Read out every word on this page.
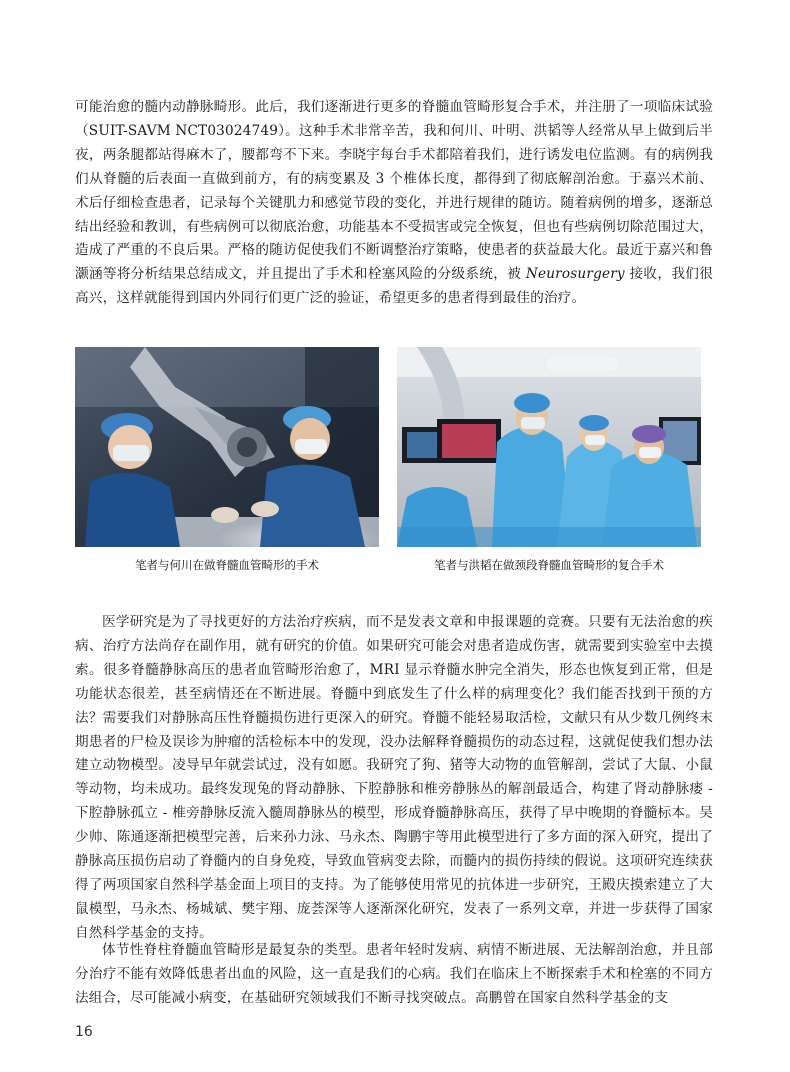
可能治愈的髓内动静脉畸形。此后，我们逐渐进行更多的脊髓血管畸形复合手术，并注册了一项临床试验（SUIT-SAVM NCT03024749）。这种手术非常辛苦，我和何川、叶明、洪韬等人经常从早上做到后半夜，两条腿都站得麻木了，腰都弯不下来。李晓宇每台手术都陪着我们，进行诱发电位监测。有的病例我们从脊髓的后表面一直做到前方，有的病变累及 3 个椎体长度，都得到了彻底解剖治愈。于嘉兴术前、术后仔细检查患者，记录每个关键肌力和感觉节段的变化，并进行规律的随访。随着病例的增多，逐渐总结出经验和教训，有些病例可以彻底治愈，功能基本不受损害或完全恢复，但也有些病例切除范围过大，造成了严重的不良后果。严格的随访促使我们不断调整治疗策略，使患者的获益最大化。最近于嘉兴和鲁灏涵等将分析结果总结成文，并且提出了手术和栓塞风险的分级系统，被 Neurosurgery 接收，我们很高兴，这样就能得到国内外同行们更广泛的验证，希望更多的患者得到最佳的治疗。

笔者与何川在做脊髓血管畸形的手术	笔者与洪韬在做颈段脊髓血管畸形的复合手术

医学研究是为了寻找更好的方法治疗疾病，而不是发表文章和申报课题的竞赛。只要有无法治愈的疾病、治疗方法尚存在副作用，就有研究的价值。如果研究可能会对患者造成伤害，就需要到实验室中去摸索。很多脊髓静脉高压的患者血管畸形治愈了，MRI 显示脊髓水肿完全消失，形态也恢复到正常，但是功能状态很差，甚至病情还在不断进展。脊髓中到底发生了什么样的病理变化？我们能否找到干预的方法？需要我们对静脉高压性脊髓损伤进行更深入的研究。脊髓不能轻易取活检，文献只有从少数几例终末期患者的尸检及误诊为肿瘤的活检标本中的发现，没办法解释脊髓损伤的动态过程，这就促使我们想办法建立动物模型。凌导早年就尝试过，没有如愿。我研究了狗、猪等大动物的血管解剖，尝试了大鼠、小鼠等动物，均未成功。最终发现兔的肾动静脉、下腔静脉和椎旁静脉丛的解剖最适合，构建了肾动静脉瘘 - 下腔静脉孤立 - 椎旁静脉反流入髓周静脉丛的模型，形成脊髓静脉高压，获得了早中晚期的脊髓标本。吴少帅、陈通逐渐把模型完善，后来孙力泳、马永杰、陶鹏宇等用此模型进行了多方面的深入研究，提出了静脉高压损伤启动了脊髓内的自身免疫，导致血管病变去除，而髓内的损伤持续的假说。这项研究连续获得了两项国家自然科学基金面上项目的支持。为了能够使用常见的抗体进一步研究，王殿庆摸索建立了大鼠模型，马永杰、杨城斌、樊宇翔、庞荟深等人逐渐深化研究，发表了一系列文章，并进一步获得了国家自然科学基金的支持。

体节性脊柱脊髓血管畸形是最复杂的类型。患者年轻时发病、病情不断进展、无法解剖治愈，并且部分治疗不能有效降低患者出血的风险，这一直是我们的心病。我们在临床上不断探索手术和栓塞的不同方法组合，尽可能减小病变，在基础研究领域我们不断寻找突破点。高鹏曾在国家自然科学基金的支

16
